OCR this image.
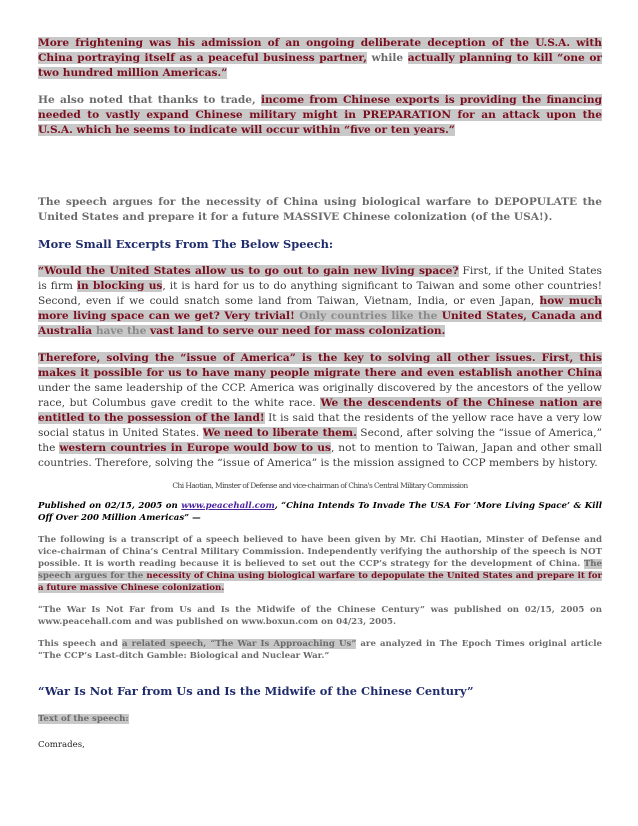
More frightening was his admission of an ongoing deliberate deception of the U.S.A. with China portraying itself as a peaceful business partner, while actually planning to kill “one or two hundred million Americas.”

He also noted that thanks to trade, income from Chinese exports is providing the financing needed to vastly expand Chinese military might in PREPARATION for an attack upon the U.S.A. which he seems to indicate will occur within “five or ten years.”

The speech argues for the necessity of China using biological warfare to DEPOPULATE the United States and prepare it for a future MASSIVE Chinese colonization (of the USA!).

More Small Excerpts From The Below Speech:

“Would the United States allow us to go out to gain new living space? First, if the United States is firm in blocking us, it is hard for us to do anything significant to Taiwan and some other countries! Second, even if we could snatch some land from Taiwan, Vietnam, India, or even Japan, how much more living space can we get? Very trivial! Only countries like the United States, Canada and Australia have the vast land to serve our need for mass colonization.

Therefore, solving the “issue of America” is the key to solving all other issues. First, this makes it possible for us to have many people migrate there and even establish another China under the same leadership of the CCP. America was originally discovered by the ancestors of the yellow race, but Columbus gave credit to the white race. We the descendents of the Chinese nation are entitled to the possession of the land! It is said that the residents of the yellow race have a very low social status in United States. We need to liberate them. Second, after solving the “issue of America,” the western countries in Europe would bow to us, not to mention to Taiwan, Japan and other small countries. Therefore, solving the “issue of America” is the mission assigned to CCP members by history.

Chi Haotian, Minster of Defense and vice-chairman of China's Central Military Commission

Published on 02/15, 2005 on www.peacehall.com, “China Intends To Invade The USA For ‘More Living Space’ & Kill Off Over 200 Million Americas” —

The following is a transcript of a speech believed to have been given by Mr. Chi Haotian, Minster of Defense and vice-chairman of China’s Central Military Commission. Independently verifying the authorship of the speech is NOT possible. It is worth reading because it is believed to set out the CCP’s strategy for the development of China. The speech argues for the necessity of China using biological warfare to depopulate the United States and prepare it for a future massive Chinese colonization.

“The War Is Not Far from Us and Is the Midwife of the Chinese Century” was published on 02/15, 2005 on www.peacehall.com and was published on www.boxun.com on 04/23, 2005.

This speech and a related speech, “The War Is Approaching Us” are analyzed in The Epoch Times original article “The CCP’s Last-ditch Gamble: Biological and Nuclear War.”

“War Is Not Far from Us and Is the Midwife of the Chinese Century”

Text of the speech:

Comrades,
